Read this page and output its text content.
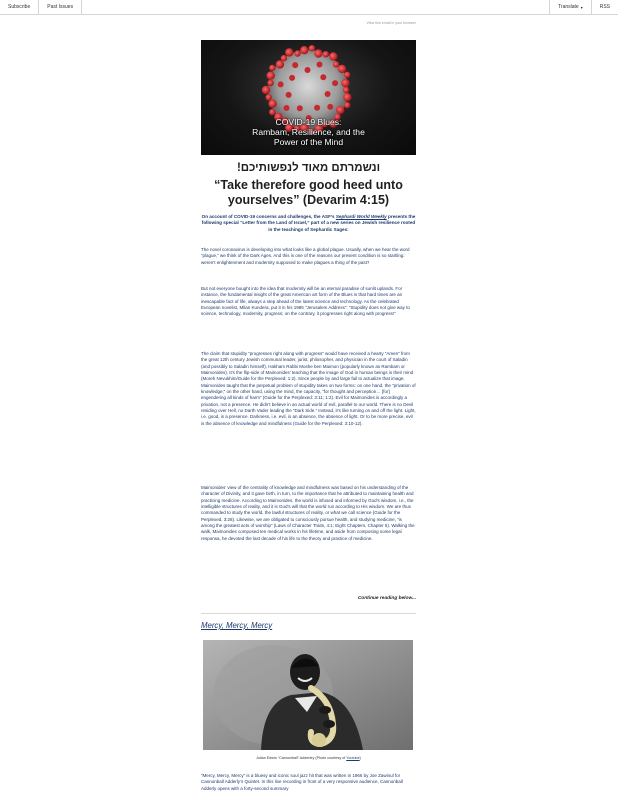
Subscribe	Past Issues	Translate ▾	RSS
View this email in your browser
COVID-19 Blues:
Rambam, Resilience, and the
Power of the Mind
ונשמרתם מאוד לנפשותיכם!
“Take therefore good heed unto yourselves” (Devarim 4:15)
On account of COVID-19 concerns and challenges, the ASF’s Sephardi World Weekly presents the following special “Letter from the Land of Israel,” part of a new series on Jewish resilience rooted in the teachings of Sephardic Sages:
The novel coronavirus is developing into what looks like a global plague. Usually, when we hear the word “plague,” we think of the Dark Ages. And this is one of the reasons our present condition is so startling: weren’t enlightenment and modernity supposed to make plagues a thing of the past?
But not everyone bought into the idea that modernity will be an eternal paradise of sunlit uplands. For instance, the fundamental insight of the great American art form of the Blues is that hard times are an inescapable fact of life, always a step ahead of the latest science and technology. As the celebrated European novelist, Milan Kundera, put it in his 1985 “Jerusalem Address”: “Stupidity does not give way to science, technology, modernity, progress; on the contrary, it progresses right along with progress!”
The claim that stupidity “progresses right along with progress” would have received a hearty “Amen” from the great 12th century Jewish communal leader, jurist, philosopher, and physician in the court of Saladin (and possibly to Saladin himself), Hakham Rabbi Moshe ben Maimon (popularly known as Rambam or Maimonides). It’s the flip-side of Maimonides’ teaching that the image of God in human beings is their mind (Moreh Nevukhim/Guide for the Perplexed: 1:2). Since people by and large fail to actualize that image, Maimonides taught that the perpetual problem of stupidity takes on two forms: on one hand, the “privation of knowledge;” on the other hand, using the mind, the capacity, “for thought and perception… [for] engendering all kinds of harm” (Guide for the Perplexed: 3:11; 1:2). Evil for Maimonides is accordingly a privation, not a presence. He didn’t believe in an actual world of evil, parallel to our world. There is no Devil residing over Hell, no Darth Vader leading the “Dark Side.” Instead, it’s like turning on and off the light. Light, i.e. good, is a presence. Darkness, i.e. evil, is an absence, the absence of light. Or to be more precise, evil is the absence of knowledge and mindfulness (Guide for the Perplexed: 3:10-12).
Maimonides’ view of the centrality of knowledge and mindfulness was based on his understanding of the character of Divinity, and it gave birth, in turn, to the importance that he attributed to maintaining health and practicing medicine. According to Maimonides, the world is infused and informed by God’s wisdom, i.e., the intelligible structures of reality, and it is God’s will that the world run according to His wisdom. We are thus commanded to study the world, the lawful structures of reality, or what we call science (Guide for the Perplexed, 3:28). Likewise, we are obligated to consciously pursue health, and studying medicine, “is among the greatest acts of worship” (Laws of Character Traits, 4:1; Eight Chapters, Chapter 5). Walking the walk, Maimonides composed ten medical works in his lifetime, and aside from composing some legal responsa, he devoted the last decade of his life to the theory and practice of medicine.
Continue reading below...
Mercy, Mercy, Mercy
Julian Edwin “Cannonball” Adderley (Photo courtesy of Youtube)
“Mercy, Mercy, Mercy” is a bluesy and iconic soul jazz hit that was written in 1966 by Joe Zawinul for Cannonball Adderly’s Quintet. In this live recording in front of a very responsive audience, Cannonball Adderly opens with a forty-second summary
